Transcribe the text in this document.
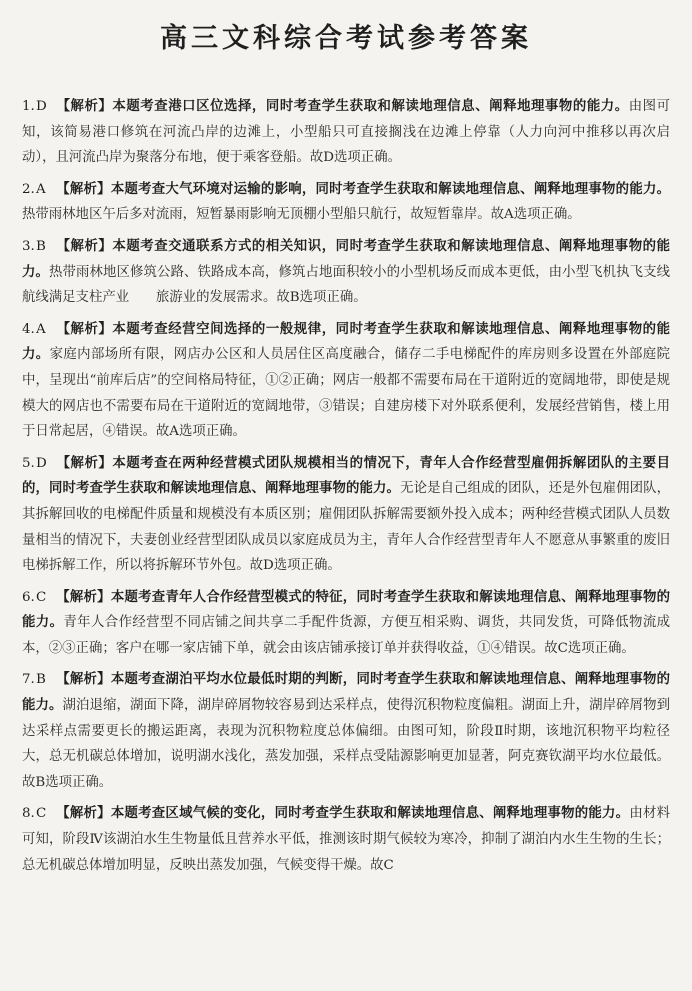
高三文科综合考试参考答案

1.D 【解析】本题考查港口区位选择，同时考查学生获取和解读地理信息、阐释地理事物的能力。由图可知，该简易港口修筑在河流凸岸的边滩上，小型船只可直接搁浅在边滩上停靠（人力向河中推移以再次启动），且河流凸岸为聚落分布地，便于乘客登船。故D选项正确。

2.A 【解析】本题考查大气环境对运输的影响，同时考查学生获取和解读地理信息、阐释地理事物的能力。热带雨林地区午后多对流雨，短暂暴雨影响无顶棚小型船只航行，故短暂靠岸。故A选项正确。

3.B 【解析】本题考查交通联系方式的相关知识，同时考查学生获取和解读地理信息、阐释地理事物的能力。热带雨林地区修筑公路、铁路成本高，修筑占地面积较小的小型机场反而成本更低，由小型飞机执飞支线航线满足支柱产业　　旅游业的发展需求。故B选项正确。

4.A 【解析】本题考查经营空间选择的一般规律，同时考查学生获取和解读地理信息、阐释地理事物的能力。家庭内部场所有限，网店办公区和人员居住区高度融合，储存二手电梯配件的库房则多设置在外部庭院中，呈现出“前库后店”的空间格局特征，①②正确；网店一般都不需要布局在干道附近的宽阔地带，即使是规模大的网店也不需要布局在干道附近的宽阔地带，③错误；自建房楼下对外联系便利，发展经营销售，楼上用于日常起居，④错误。故A选项正确。

5.D 【解析】本题考查在两种经营模式团队规模相当的情况下，青年人合作经营型雇佣拆解团队的主要目的，同时考查学生获取和解读地理信息、阐释地理事物的能力。无论是自己组成的团队，还是外包雇佣团队，其拆解回收的电梯配件质量和规模没有本质区别；雇佣团队拆解需要额外投入成本；两种经营模式团队人员数量相当的情况下，夫妻创业经营型团队成员以家庭成员为主，青年人合作经营型青年人不愿意从事繁重的废旧电梯拆解工作，所以将拆解环节外包。故D选项正确。

6.C 【解析】本题考查青年人合作经营型模式的特征，同时考查学生获取和解读地理信息、阐释地理事物的能力。青年人合作经营型不同店铺之间共享二手配件货源，方便互相采购、调货，共同发货，可降低物流成本，②③正确；客户在哪一家店铺下单，就会由该店铺承接订单并获得收益，①④错误。故C选项正确。

7.B 【解析】本题考查湖泊平均水位最低时期的判断，同时考查学生获取和解读地理信息、阐释地理事物的能力。湖泊退缩，湖面下降，湖岸碎屑物较容易到达采样点，使得沉积物粒度偏粗。湖面上升，湖岸碎屑物到达采样点需要更长的搬运距离，表现为沉积物粒度总体偏细。由图可知，阶段Ⅱ时期，该地沉积物平均粒径大，总无机碳总体增加，说明湖水浅化，蒸发加强，采样点受陆源影响更加显著，阿克赛钦湖平均水位最低。故B选项正确。

8.C 【解析】本题考查区域气候的变化，同时考查学生获取和解读地理信息、阐释地理事物的能力。由材料可知，阶段Ⅳ该湖泊水生生物量低且营养水平低，推测该时期气候较为寒冷，抑制了湖泊内水生生物的生长；总无机碳总体增加明显，反映出蒸发加强，气候变得干燥。故C
